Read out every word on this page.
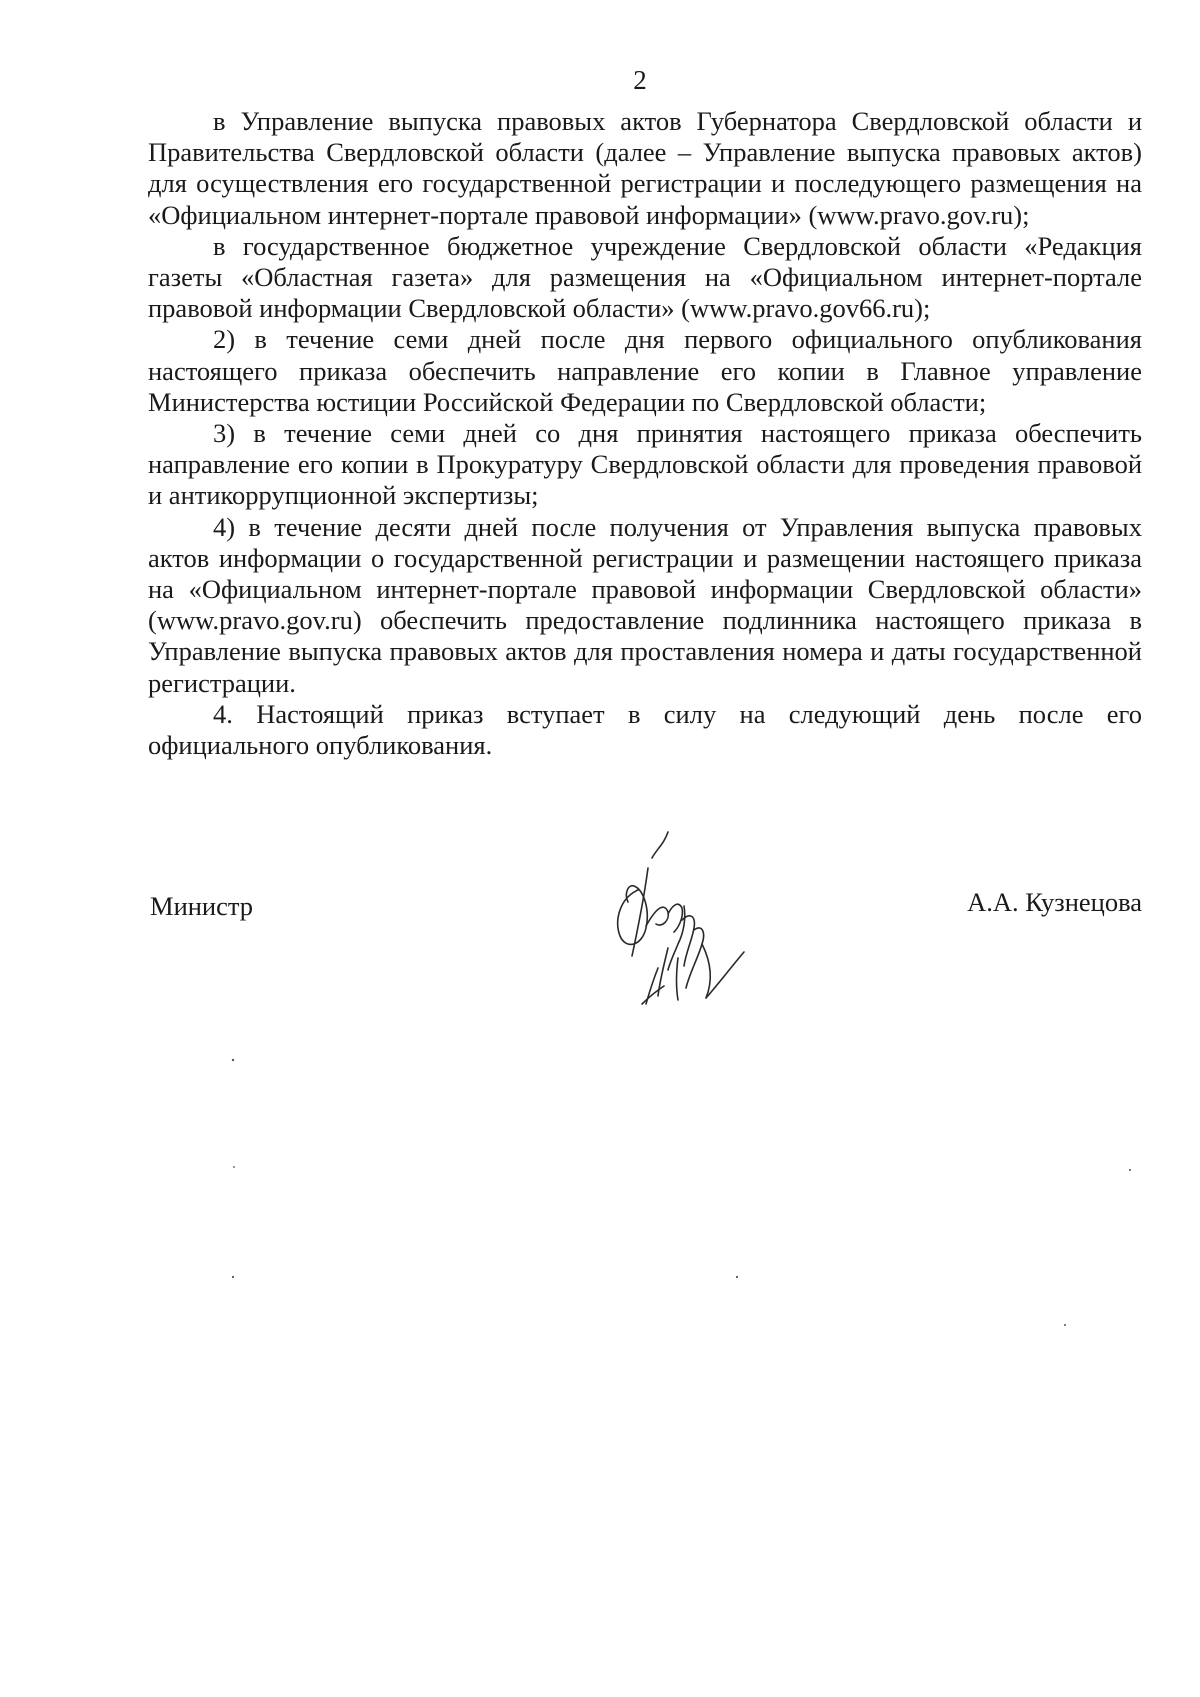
2

в Управление выпуска правовых актов Губернатора Свердловской области и Правительства Свердловской области (далее – Управление выпуска правовых актов) для осуществления его государственной регистрации и последующего размещения на «Официальном интернет-портале правовой информации» (www.pravo.gov.ru);

в государственное бюджетное учреждение Свердловской области «Редакция газеты «Областная газета» для размещения на «Официальном интернет-портале правовой информации Свердловской области» (www.pravo.gov66.ru);

2) в течение семи дней после дня первого официального опубликования настоящего приказа обеспечить направление его копии в Главное управление Министерства юстиции Российской Федерации по Свердловской области;

3) в течение семи дней со дня принятия настоящего приказа обеспечить направление его копии в Прокуратуру Свердловской области для проведения правовой и антикоррупционной экспертизы;

4) в течение десяти дней после получения от Управления выпуска правовых актов информации о государственной регистрации и размещении настоящего приказа на «Официальном интернет-портале правовой информации Свердловской области» (www.pravo.gov.ru) обеспечить предоставление подлинника настоящего приказа в Управление выпуска правовых актов для проставления номера и даты государственной регистрации.

4. Настоящий приказ вступает в силу на следующий день после его официального опубликования.

Министр	А.А. Кузнецова
